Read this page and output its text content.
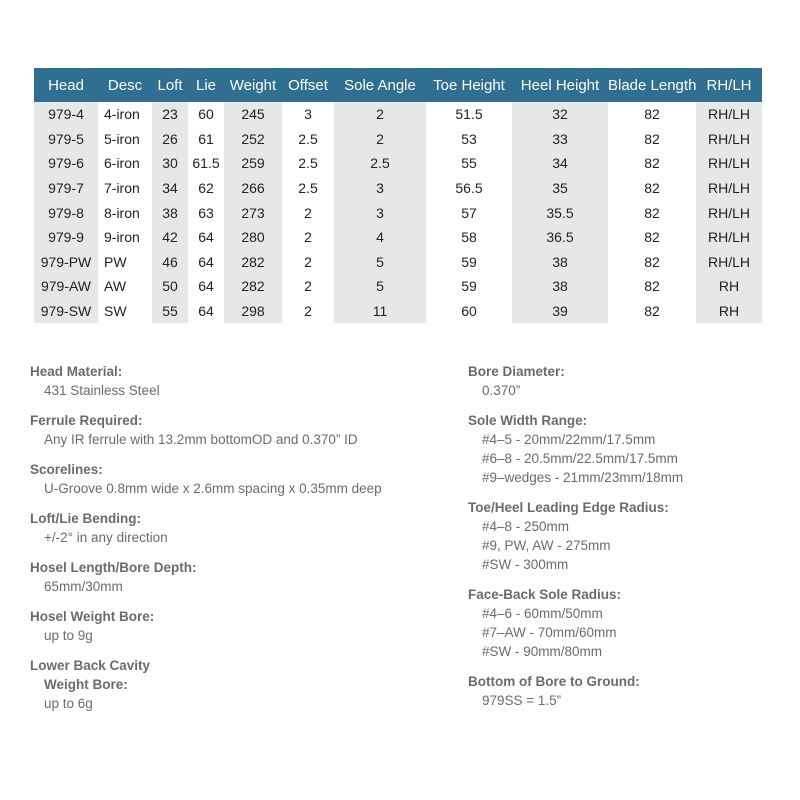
Head	Desc	Loft	Lie	Weight	Offset	Sole Angle	Toe Height	Heel Height	Blade Length	RH/LH
979-4	4-iron	23	60	245	3	2	51.5	32	82	RH/LH
979-5	5-iron	26	61	252	2.5	2	53	33	82	RH/LH
979-6	6-iron	30	61.5	259	2.5	2.5	55	34	82	RH/LH
979-7	7-iron	34	62	266	2.5	3	56.5	35	82	RH/LH
979-8	8-iron	38	63	273	2	3	57	35.5	82	RH/LH
979-9	9-iron	42	64	280	2	4	58	36.5	82	RH/LH
979-PW	PW	46	64	282	2	5	59	38	82	RH/LH
979-AW	AW	50	64	282	2	5	59	38	82	RH
979-SW	SW	55	64	298	2	11	60	39	82	RH
Head Material:
431 Stainless Steel
Ferrule Required:
Any IR ferrule with 13.2mm bottomOD and 0.370” ID
Scorelines:
U-Groove 0.8mm wide x 2.6mm spacing x 0.35mm deep
Loft/Lie Bending:
+/-2° in any direction
Hosel Length/Bore Depth:
65mm/30mm
Hosel Weight Bore:
up to 9g
Lower Back Cavity
Weight Bore:
up to 6g
Bore Diameter:
0.370”
Sole Width Range:
#4–5 - 20mm/22mm/17.5mm
#6–8 - 20.5mm/22.5mm/17.5mm
#9–wedges - 21mm/23mm/18mm
Toe/Heel Leading Edge Radius:
#4–8 - 250mm
#9, PW, AW - 275mm
#SW - 300mm
Face-Back Sole Radius:
#4–6 - 60mm/50mm
#7–AW - 70mm/60mm
#SW - 90mm/80mm
Bottom of Bore to Ground:
979SS = 1.5”
